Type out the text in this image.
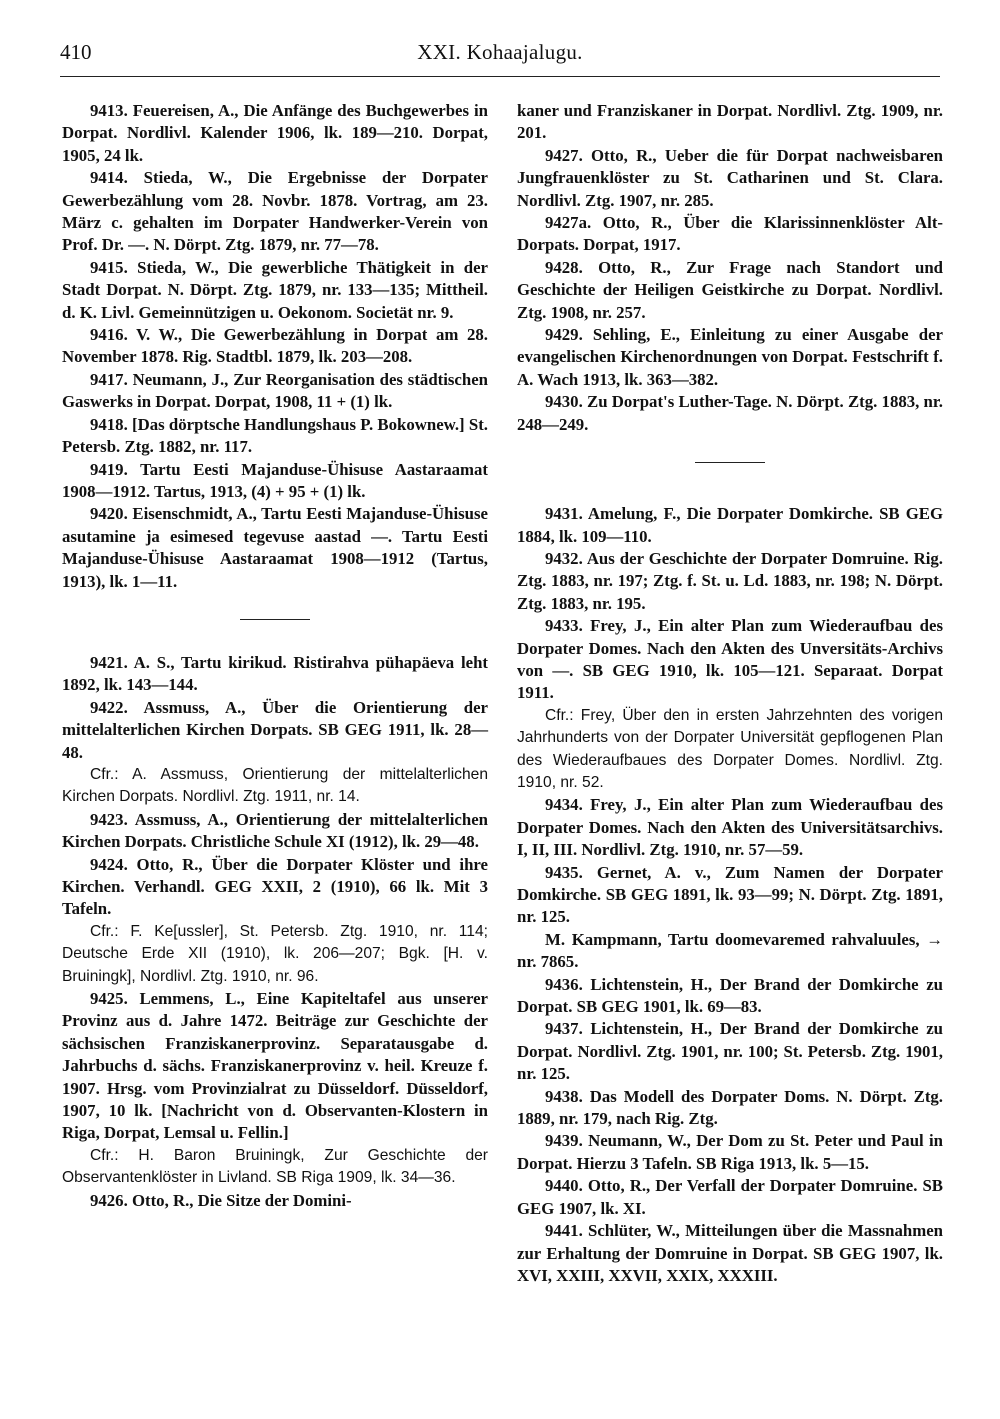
410	XXI. Kohaajalugu.

9413. Feuereisen, A., Die Anfänge des Buchgewerbes in Dorpat. Nordlivl. Kalender 1906, lk. 189—210. Dorpat, 1905, 24 lk.

9414. Stieda, W., Die Ergebnisse der Dorpater Gewerbezählung vom 28. Novbr. 1878. Vortrag, am 23. März c. gehalten im Dorpater Handwerker-Verein von Prof. Dr. —. N. Dörpt. Ztg. 1879, nr. 77—78.

9415. Stieda, W., Die gewerbliche Thätigkeit in der Stadt Dorpat. N. Dörpt. Ztg. 1879, nr. 133—135; Mittheil. d. K. Livl. Gemeinnützigen u. Oekonom. Societät nr. 9.

9416. V. W., Die Gewerbezählung in Dorpat am 28. November 1878. Rig. Stadtbl. 1879, lk. 203—208.

9417. Neumann, J., Zur Reorganisation des städtischen Gaswerks in Dorpat. Dorpat, 1908, 11 + (1) lk.

9418. [Das dörptsche Handlungshaus P. Bokownew.] St. Petersb. Ztg. 1882, nr. 117.

9419. Tartu Eesti Majanduse-Ühisuse Aastaraamat 1908—1912. Tartus, 1913, (4) + 95 + (1) lk.

9420. Eisenschmidt, A., Tartu Eesti Majanduse-Ühisuse asutamine ja esimesed tegevuse aastad —. Tartu Eesti Majanduse-Ühisuse Aastaraamat 1908—1912 (Tartus, 1913), lk. 1—11.

9421. A. S., Tartu kirikud. Ristirahva pühapäeva leht 1892, lk. 143—144.

9422. Assmuss, A., Über die Orientierung der mittelalterlichen Kirchen Dorpats. SB GEG 1911, lk. 28—48.

Cfr.: A. Assmuss, Orientierung der mittelalterlichen Kirchen Dorpats. Nordlivl. Ztg. 1911, nr. 14.

9423. Assmuss, A., Orientierung der mittelalterlichen Kirchen Dorpats. Christliche Schule XI (1912), lk. 29—48.

9424. Otto, R., Über die Dorpater Klöster und ihre Kirchen. Verhandl. GEG XXII, 2 (1910), 66 lk. Mit 3 Tafeln.

Cfr.: F. Ke[ussler], St. Petersb. Ztg. 1910, nr. 114; Deutsche Erde XII (1910), lk. 206—207; Bgk. [H. v. Bruiningk], Nordlivl. Ztg. 1910, nr. 96.

9425. Lemmens, L., Eine Kapiteltafel aus unserer Provinz aus d. Jahre 1472. Beiträge zur Geschichte der sächsischen Franziskanerprovinz. Separatausgabe d. Jahrbuchs d. sächs. Franziskanerprovinz v. heil. Kreuze f. 1907. Hrsg. vom Provinzialrat zu Düsseldorf. Düsseldorf, 1907, 10 lk. [Nachricht von d. Observanten-Klostern in Riga, Dorpat, Lemsal u. Fellin.]

Cfr.: H. Baron Bruiningk, Zur Geschichte der Observantenklöster in Livland. SB Riga 1909, lk. 34—36.

9426. Otto, R., Die Sitze der Domini-

kaner und Franziskaner in Dorpat. Nordlivl. Ztg. 1909, nr. 201.

9427. Otto, R., Ueber die für Dorpat nachweisbaren Jungfrauenklöster zu St. Catharinen und St. Clara. Nordlivl. Ztg. 1907, nr. 285.

9427a. Otto, R., Über die Klarissinnenklöster Alt-Dorpats. Dorpat, 1917.

9428. Otto, R., Zur Frage nach Standort und Geschichte der Heiligen Geistkirche zu Dorpat. Nordlivl. Ztg. 1908, nr. 257.

9429. Sehling, E., Einleitung zu einer Ausgabe der evangelischen Kirchenordnungen von Dorpat. Festschrift f. A. Wach 1913, lk. 363—382.

9430. Zu Dorpat's Luther-Tage. N. Dörpt. Ztg. 1883, nr. 248—249.

9431. Amelung, F., Die Dorpater Domkirche. SB GEG 1884, lk. 109—110.

9432. Aus der Geschichte der Dorpater Domruine. Rig. Ztg. 1883, nr. 197; Ztg. f. St. u. Ld. 1883, nr. 198; N. Dörpt. Ztg. 1883, nr. 195.

9433. Frey, J., Ein alter Plan zum Wiederaufbau des Dorpater Domes. Nach den Akten des Unversitäts-Archivs von —. SB GEG 1910, lk. 105—121. Separaat. Dorpat 1911.

Cfr.: Frey, Über den in ersten Jahrzehnten des vorigen Jahrhunderts von der Dorpater Universität gepflogenen Plan des Wiederaufbaues des Dorpater Domes. Nordlivl. Ztg. 1910, nr. 52.

9434. Frey, J., Ein alter Plan zum Wiederaufbau des Dorpater Domes. Nach den Akten des Universitätsarchivs. I, II, III. Nordlivl. Ztg. 1910, nr. 57—59.

9435. Gernet, A. v., Zum Namen der Dorpater Domkirche. SB GEG 1891, lk. 93—99; N. Dörpt. Ztg. 1891, nr. 125.

M. Kampmann, Tartu doomevaremed rahvaluules, → nr. 7865.

9436. Lichtenstein, H., Der Brand der Domkirche zu Dorpat. SB GEG 1901, lk. 69—83.

9437. Lichtenstein, H., Der Brand der Domkirche zu Dorpat. Nordlivl. Ztg. 1901, nr. 100; St. Petersb. Ztg. 1901, nr. 125.

9438. Das Modell des Dorpater Doms. N. Dörpt. Ztg. 1889, nr. 179, nach Rig. Ztg.

9439. Neumann, W., Der Dom zu St. Peter und Paul in Dorpat. Hierzu 3 Tafeln. SB Riga 1913, lk. 5—15.

9440. Otto, R., Der Verfall der Dorpater Domruine. SB GEG 1907, lk. XI.

9441. Schlüter, W., Mitteilungen über die Massnahmen zur Erhaltung der Domruine in Dorpat. SB GEG 1907, lk. XVI, XXIII, XXVII, XXIX, XXXIII.
